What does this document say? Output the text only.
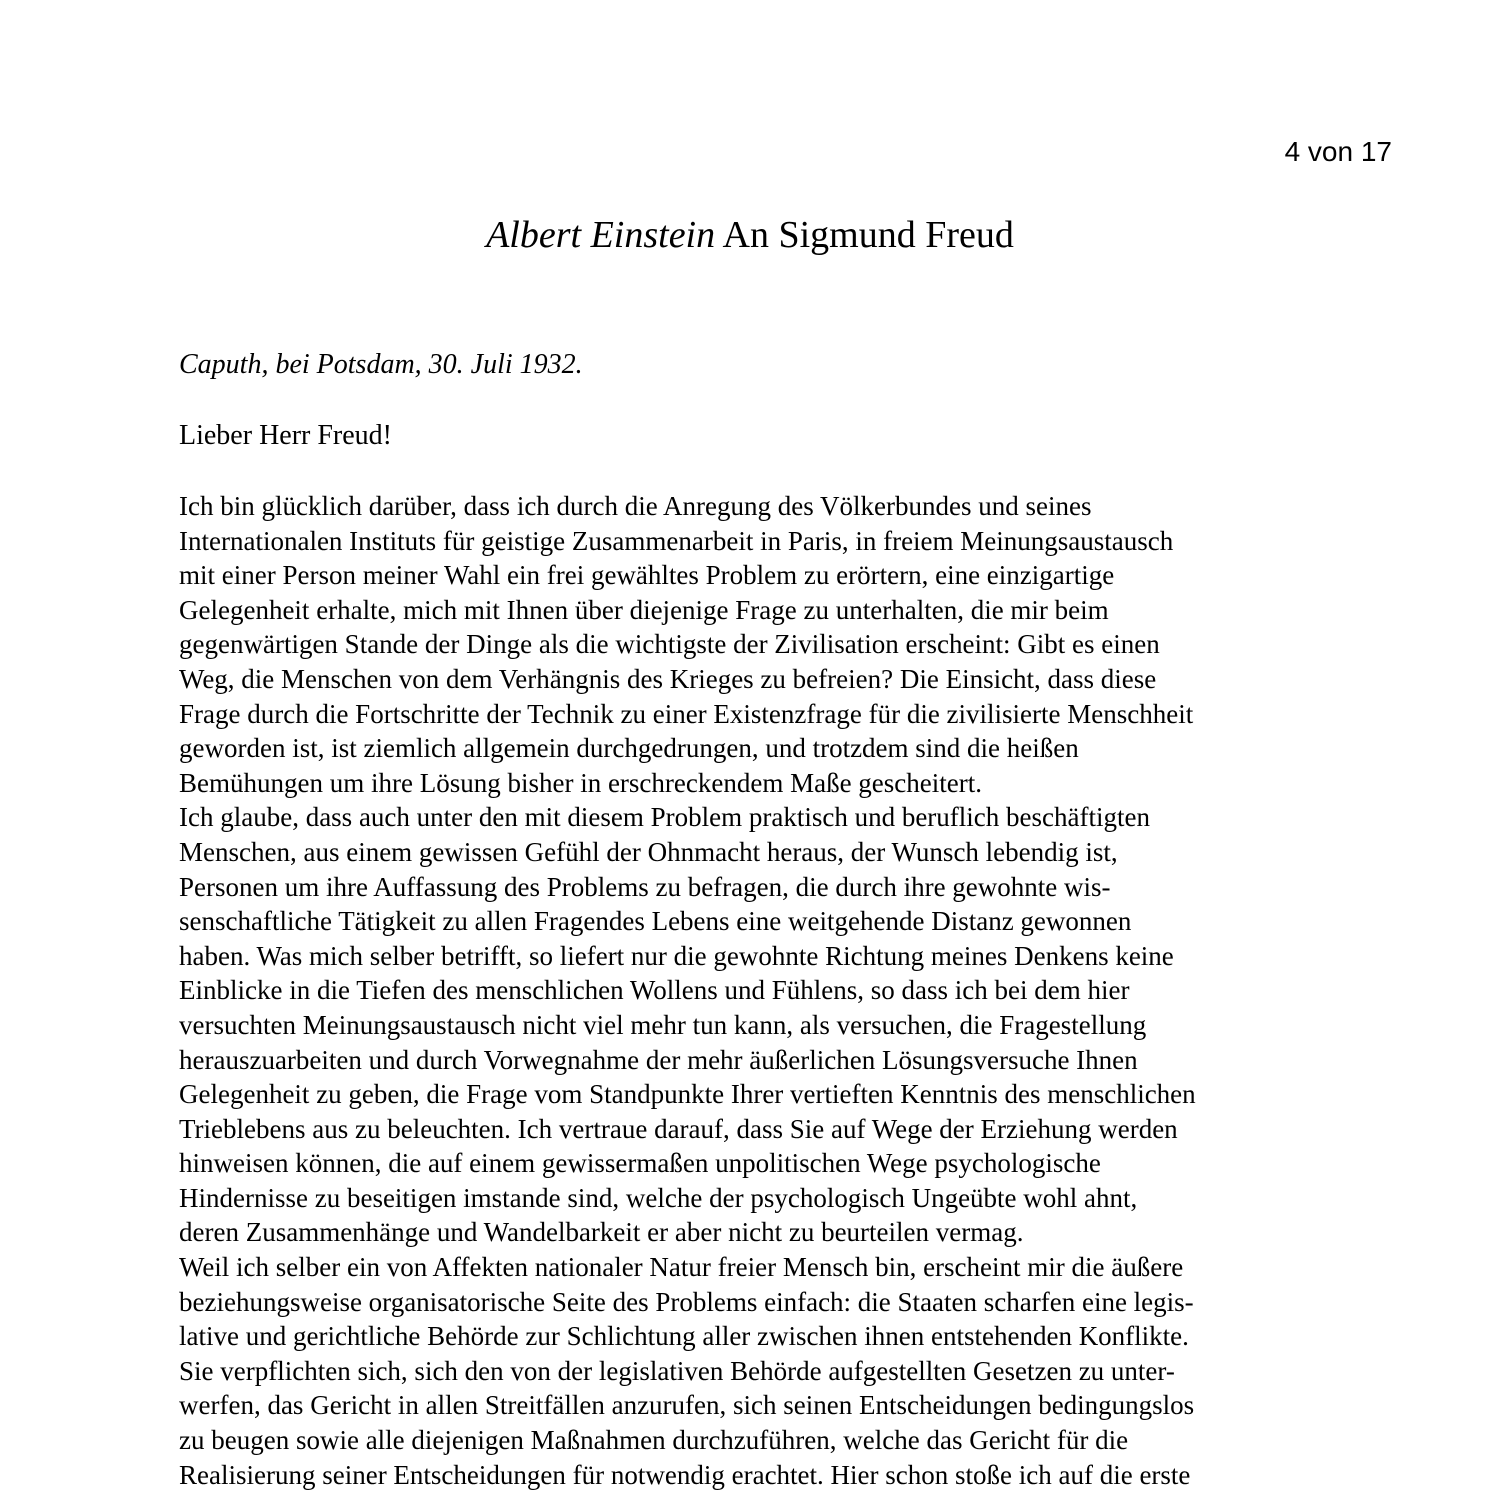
4 von 17
Albert Einstein An Sigmund Freud
Caputh, bei Potsdam, 30. Juli 1932.
Lieber Herr Freud!
Ich bin glücklich darüber, dass ich durch die Anregung des Völkerbundes und seines
Internationalen Instituts für geistige Zusammenarbeit in Paris, in freiem Meinungsaustausch
mit einer Person meiner Wahl ein frei gewähltes Problem zu erörtern, eine einzigartige
Gelegenheit erhalte, mich mit Ihnen über diejenige Frage zu unterhalten, die mir beim
gegenwärtigen Stande der Dinge als die wichtigste der Zivilisation erscheint: Gibt es einen
Weg, die Menschen von dem Verhängnis des Krieges zu befreien? Die Einsicht, dass diese
Frage durch die Fortschritte der Technik zu einer Existenzfrage für die zivilisierte Menschheit
geworden ist, ist ziemlich allgemein durchgedrungen, und trotzdem sind die heißen
Bemühungen um ihre Lösung bisher in erschreckendem Maße gescheitert.
Ich glaube, dass auch unter den mit diesem Problem praktisch und beruflich beschäftigten
Menschen, aus einem gewissen Gefühl der Ohnmacht heraus, der Wunsch lebendig ist,
Personen um ihre Auffassung des Problems zu befragen, die durch ihre gewohnte wis-
senschaftliche Tätigkeit zu allen Fragendes Lebens eine weitgehende Distanz gewonnen
haben. Was mich selber betrifft, so liefert nur die gewohnte Richtung meines Denkens keine
Einblicke in die Tiefen des menschlichen Wollens und Fühlens, so dass ich bei dem hier
versuchten Meinungsaustausch nicht viel mehr tun kann, als versuchen, die Fragestellung
herauszuarbeiten und durch Vorwegnahme der mehr äußerlichen Lösungsversuche Ihnen
Gelegenheit zu geben, die Frage vom Standpunkte Ihrer vertieften Kenntnis des menschlichen
Trieblebens aus zu beleuchten. Ich vertraue darauf, dass Sie auf Wege der Erziehung werden
hinweisen können, die auf einem gewissermaßen unpolitischen Wege psychologische
Hindernisse zu beseitigen imstande sind, welche der psychologisch Ungeübte wohl ahnt,
deren Zusammenhänge und Wandelbarkeit er aber nicht zu beurteilen vermag.
Weil ich selber ein von Affekten nationaler Natur freier Mensch bin, erscheint mir die äußere
beziehungsweise organisatorische Seite des Problems einfach: die Staaten scharfen eine legis-
lative und gerichtliche Behörde zur Schlichtung aller zwischen ihnen entstehenden Konflikte.
Sie verpflichten sich, sich den von der legislativen Behörde aufgestellten Gesetzen zu unter-
werfen, das Gericht in allen Streitfällen anzurufen, sich seinen Entscheidungen bedingungslos
zu beugen sowie alle diejenigen Maßnahmen durchzuführen, welche das Gericht für die
Realisierung seiner Entscheidungen für notwendig erachtet. Hier schon stoße ich auf die erste
